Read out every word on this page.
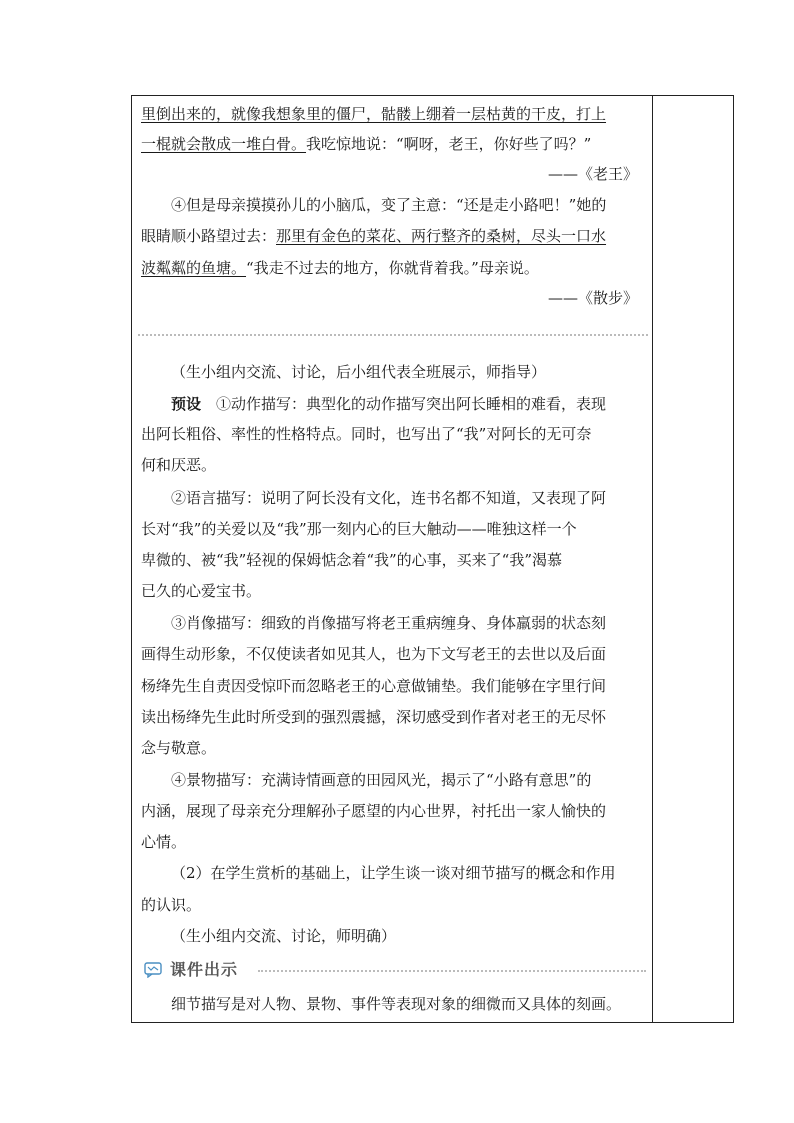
里倒出来的，就像我想象里的僵尸，骷髅上绷着一层枯黄的干皮，打上
一棍就会散成一堆白骨。我吃惊地说：“啊呀，老王，你好些了吗？”
——《老王》
④但是母亲摸摸孙儿的小脑瓜，变了主意：“还是走小路吧！”她的
眼睛顺小路望过去：那里有金色的菜花、两行整齐的桑树，尽头一口水
波粼粼的鱼塘。“我走不过去的地方，你就背着我。”母亲说。
——《散步》
（生小组内交流、讨论，后小组代表全班展示，师指导）
预设　 ①动作描写：典型化的动作描写突出阿长睡相的难看，表现
出阿长粗俗、率性的性格特点。同时，也写出了“我”对阿长的无可奈
何和厌恶。
②语言描写：说明了阿长没有文化，连书名都不知道，又表现了阿
长对“我”的关爱以及“我”那一刻内心的巨大触动——唯独这样一个
卑微的、被“我”轻视的保姆惦念着“我”的心事，买来了“我”渴慕
已久的心爱宝书。
③肖像描写：细致的肖像描写将老王重病缠身、身体羸弱的状态刻
画得生动形象，不仅使读者如见其人，也为下文写老王的去世以及后面
杨绛先生自责因受惊吓而忽略老王的心意做铺垫。我们能够在字里行间
读出杨绛先生此时所受到的强烈震撼，深切感受到作者对老王的无尽怀
念与敬意。
④景物描写：充满诗情画意的田园风光，揭示了“小路有意思”的
内涵，展现了母亲充分理解孙子愿望的内心世界，衬托出一家人愉快的
心情。
（2）在学生赏析的基础上，让学生谈一谈对细节描写的概念和作用
的认识。
（生小组内交流、讨论，师明确）
课件出示
细节描写是对人物、景物、事件等表现对象的细微而又具体的刻画。
